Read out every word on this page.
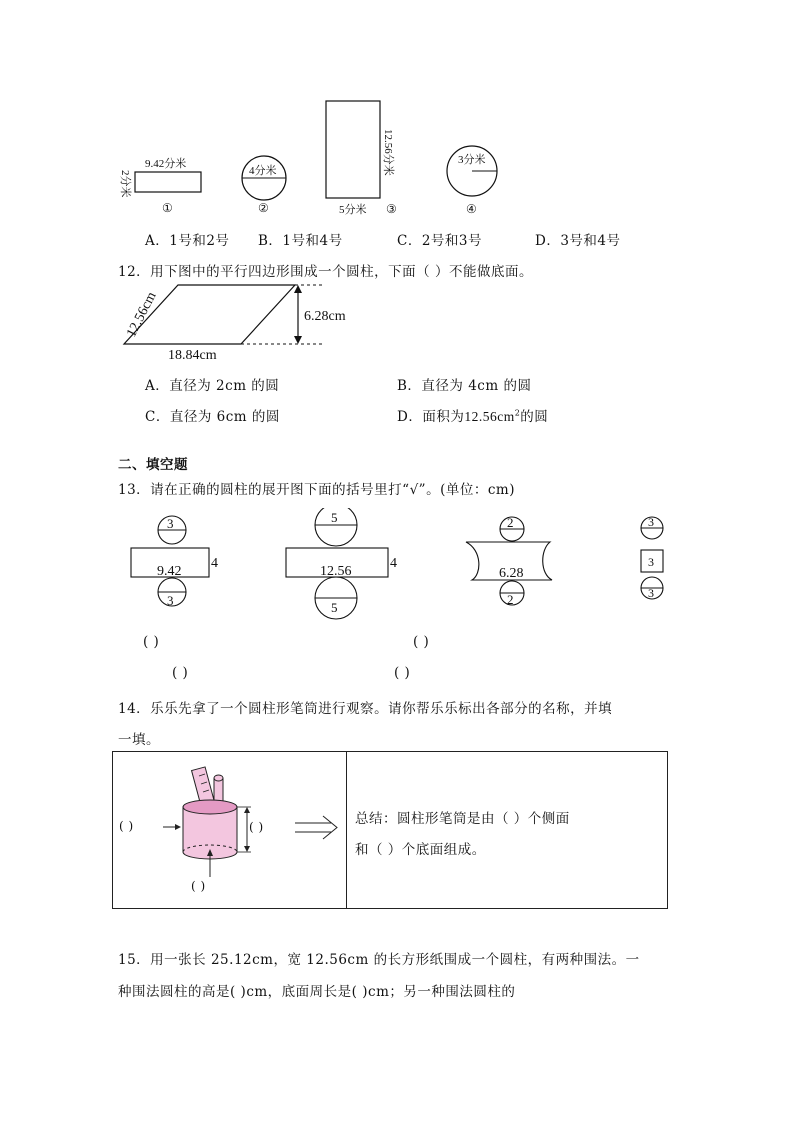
9.42分米
2分米
①
4分米
②
12.56分米
5分米 ③
3分米
④
A．1号和2号 B．1号和4号	C．2号和3号	D．3号和4号
12．用下图中的平行四边形围成一个圆柱，下面（ ）不能做底面。
6.28cm
12.56cm
18.84cm
A．直径为 2cm 的圆	B．直径为 4cm 的圆
C．直径为 6cm 的圆	D．面积为$12.56cm^2$的圆
二、填空题
13．请在正确的圆柱的展开图下面的括号里打“√”。(单位：cm)
3
9.42
4
3
5
12.56
4
5
2
6.28
2
3
3
3
( )	( )
( )	( )
14．乐乐先拿了一个圆柱形笔筒进行观察。请你帮乐乐标出各部分的名称，并填
一填。
( )	( )
( )
总结：圆柱形笔筒是由（ ）个侧面
和（ ）个底面组成。
15．用一张长 25.12cm，宽 12.56cm 的长方形纸围成一个圆柱，有两种围法。一
种围法圆柱的高是( )cm，底面周长是( )cm；另一种围法圆柱的
